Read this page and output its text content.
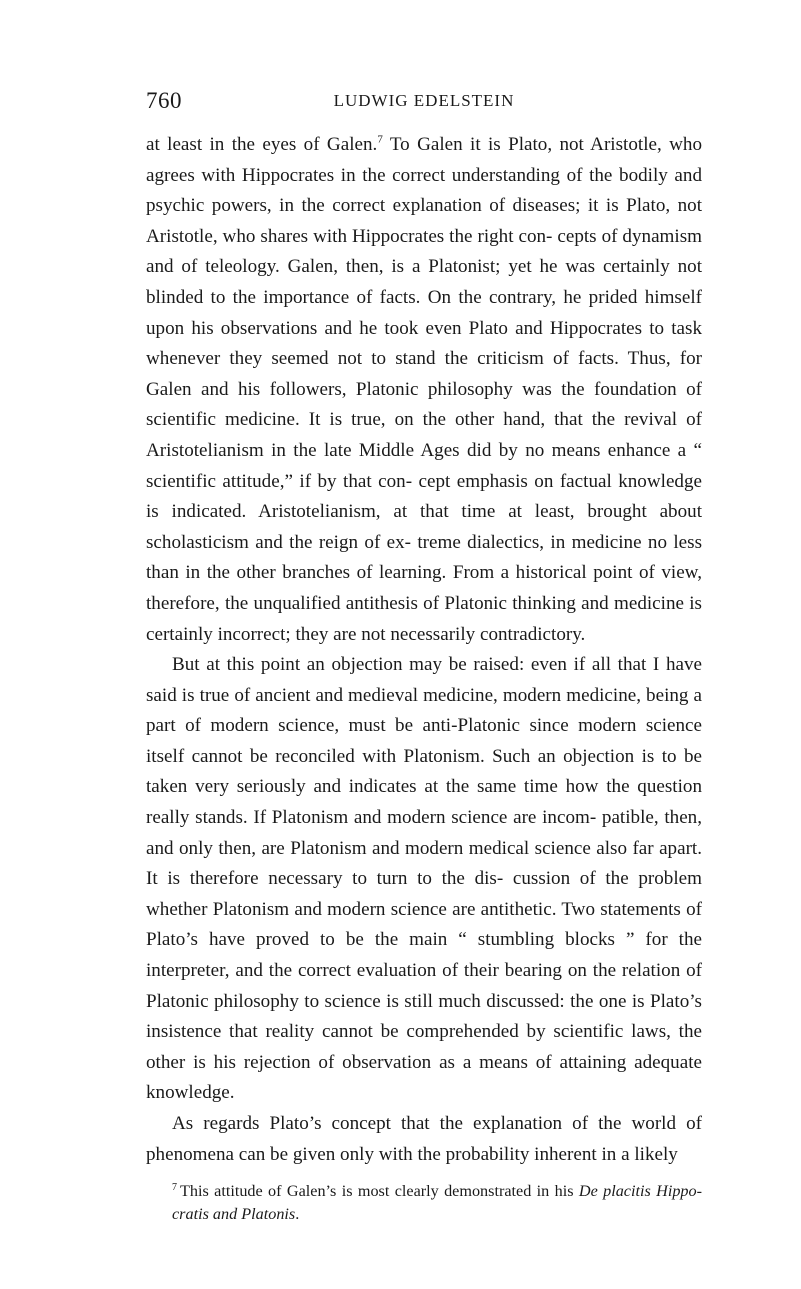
760	LUDWIG EDELSTEIN

at least in the eyes of Galen.$^7$ To Galen it is Plato, not Aristotle, who agrees with Hippocrates in the correct understanding of the bodily and psychic powers, in the correct explanation of diseases; it is Plato, not Aristotle, who shares with Hippocrates the right con- cepts of dynamism and of teleology. Galen, then, is a Platonist; yet he was certainly not blinded to the importance of facts. On the contrary, he prided himself upon his observations and he took even Plato and Hippocrates to task whenever they seemed not to stand the criticism of facts. Thus, for Galen and his followers, Platonic philosophy was the foundation of scientific medicine. It is true, on the other hand, that the revival of Aristotelianism in the late Middle Ages did by no means enhance a “ scientific attitude,” if by that con- cept emphasis on factual knowledge is indicated. Aristotelianism, at that time at least, brought about scholasticism and the reign of ex- treme dialectics, in medicine no less than in the other branches of learning. From a historical point of view, therefore, the unqualified antithesis of Platonic thinking and medicine is certainly incorrect; they are not necessarily contradictory.

But at this point an objection may be raised: even if all that I have said is true of ancient and medieval medicine, modern medicine, being a part of modern science, must be anti-Platonic since modern science itself cannot be reconciled with Platonism. Such an objection is to be taken very seriously and indicates at the same time how the question really stands. If Platonism and modern science are incom- patible, then, and only then, are Platonism and modern medical science also far apart. It is therefore necessary to turn to the dis- cussion of the problem whether Platonism and modern science are antithetic. Two statements of Plato’s have proved to be the main “ stumbling blocks ” for the interpreter, and the correct evaluation of their bearing on the relation of Platonic philosophy to science is still much discussed: the one is Plato’s insistence that reality cannot be comprehended by scientific laws, the other is his rejection of observation as a means of attaining adequate knowledge.

As regards Plato’s concept that the explanation of the world of phenomena can be given only with the probability inherent in a likely

$^7$ This attitude of Galen’s is most clearly demonstrated in his De placitis Hippo- cratis and Platonis.
